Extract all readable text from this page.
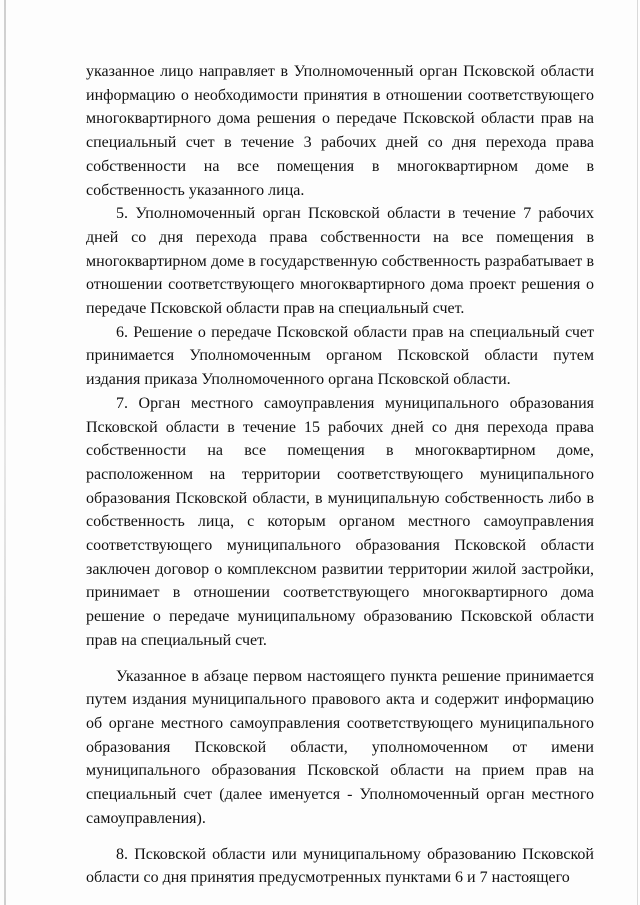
указанное лицо направляет в Уполномоченный орган Псковской области информацию о необходимости принятия в отношении соответствующего многоквартирного дома решения о передаче Псковской области прав на специальный счет в течение 3 рабочих дней со дня перехода права собственности на все помещения в многоквартирном доме в собственность указанного лица.

5. Уполномоченный орган Псковской области в течение 7 рабочих дней со дня перехода права собственности на все помещения в многоквартирном доме в государственную собственность разрабатывает в отношении соответствующего многоквартирного дома проект решения о передаче Псковской области прав на специальный счет.

6. Решение о передаче Псковской области прав на специальный счет принимается Уполномоченным органом Псковской области путем издания приказа Уполномоченного органа Псковской области.

7. Орган местного самоуправления муниципального образования Псковской области в течение 15 рабочих дней со дня перехода права собственности на все помещения в многоквартирном доме, расположенном на территории соответствующего муниципального образования Псковской области, в муниципальную собственность либо в собственность лица, с которым органом местного самоуправления соответствующего муниципального образования Псковской области заключен договор о комплексном развитии территории жилой застройки, принимает в отношении соответствующего многоквартирного дома решение о передаче муниципальному образованию Псковской области прав на специальный счет.

Указанное в абзаце первом настоящего пункта решение принимается путем издания муниципального правового акта и содержит информацию об органе местного самоуправления соответствующего муниципального образования Псковской области, уполномоченном от имени муниципального образования Псковской области на прием прав на специальный счет (далее именуется - Уполномоченный орган местного самоуправления).

8. Псковской области или муниципальному образованию Псковской области со дня принятия предусмотренных пунктами 6 и 7 настоящего
